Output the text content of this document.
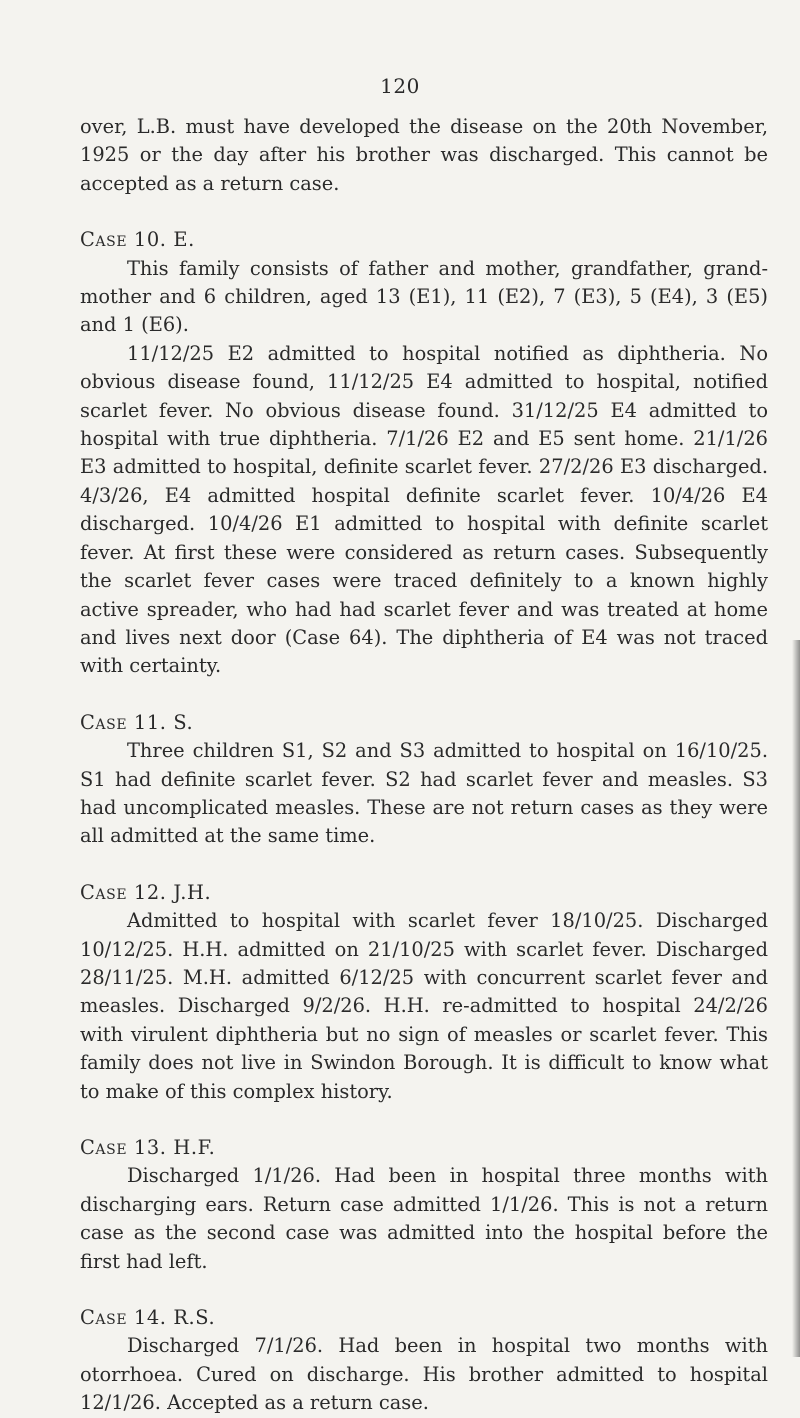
120

over, L.B. must have developed the disease on the 20th November, 1925 or the day after his brother was discharged. This cannot be accepted as a return case.

Case 10. E.

This family consists of father and mother, grandfather, grandmother and 6 children, aged 13 (E1), 11 (E2), 7 (E3), 5 (E4), 3 (E5) and 1 (E6).

11/12/25 E2 admitted to hospital notified as diphtheria. No obvious disease found, 11/12/25 E4 admitted to hospital, notified scarlet fever. No obvious disease found. 31/12/25 E4 admitted to hospital with true diphtheria. 7/1/26 E2 and E5 sent home. 21/1/26 E3 admitted to hospital, definite scarlet fever. 27/2/26 E3 discharged. 4/3/26, E4 admitted hospital definite scarlet fever. 10/4/26 E4 discharged. 10/4/26 E1 admitted to hospital with definite scarlet fever. At first these were considered as return cases. Subsequently the scarlet fever cases were traced definitely to a known highly active spreader, who had had scarlet fever and was treated at home and lives next door (Case 64). The diphtheria of E4 was not traced with certainty.

Case 11. S.

Three children S1, S2 and S3 admitted to hospital on 16/10/25. S1 had definite scarlet fever. S2 had scarlet fever and measles. S3 had uncomplicated measles. These are not return cases as they were all admitted at the same time.

Case 12. J.H.

Admitted to hospital with scarlet fever 18/10/25. Discharged 10/12/25. H.H. admitted on 21/10/25 with scarlet fever. Discharged 28/11/25. M.H. admitted 6/12/25 with concurrent scarlet fever and measles. Discharged 9/2/26. H.H. re-admitted to hospital 24/2/26 with virulent diphtheria but no sign of measles or scarlet fever. This family does not live in Swindon Borough. It is difficult to know what to make of this complex history.

Case 13. H.F.

Discharged 1/1/26. Had been in hospital three months with discharging ears. Return case admitted 1/1/26. This is not a return case as the second case was admitted into the hospital before the first had left.

Case 14. R.S.

Discharged 7/1/26. Had been in hospital two months with otorrhoea. Cured on discharge. His brother admitted to hospital 12/1/26. Accepted as a return case.
